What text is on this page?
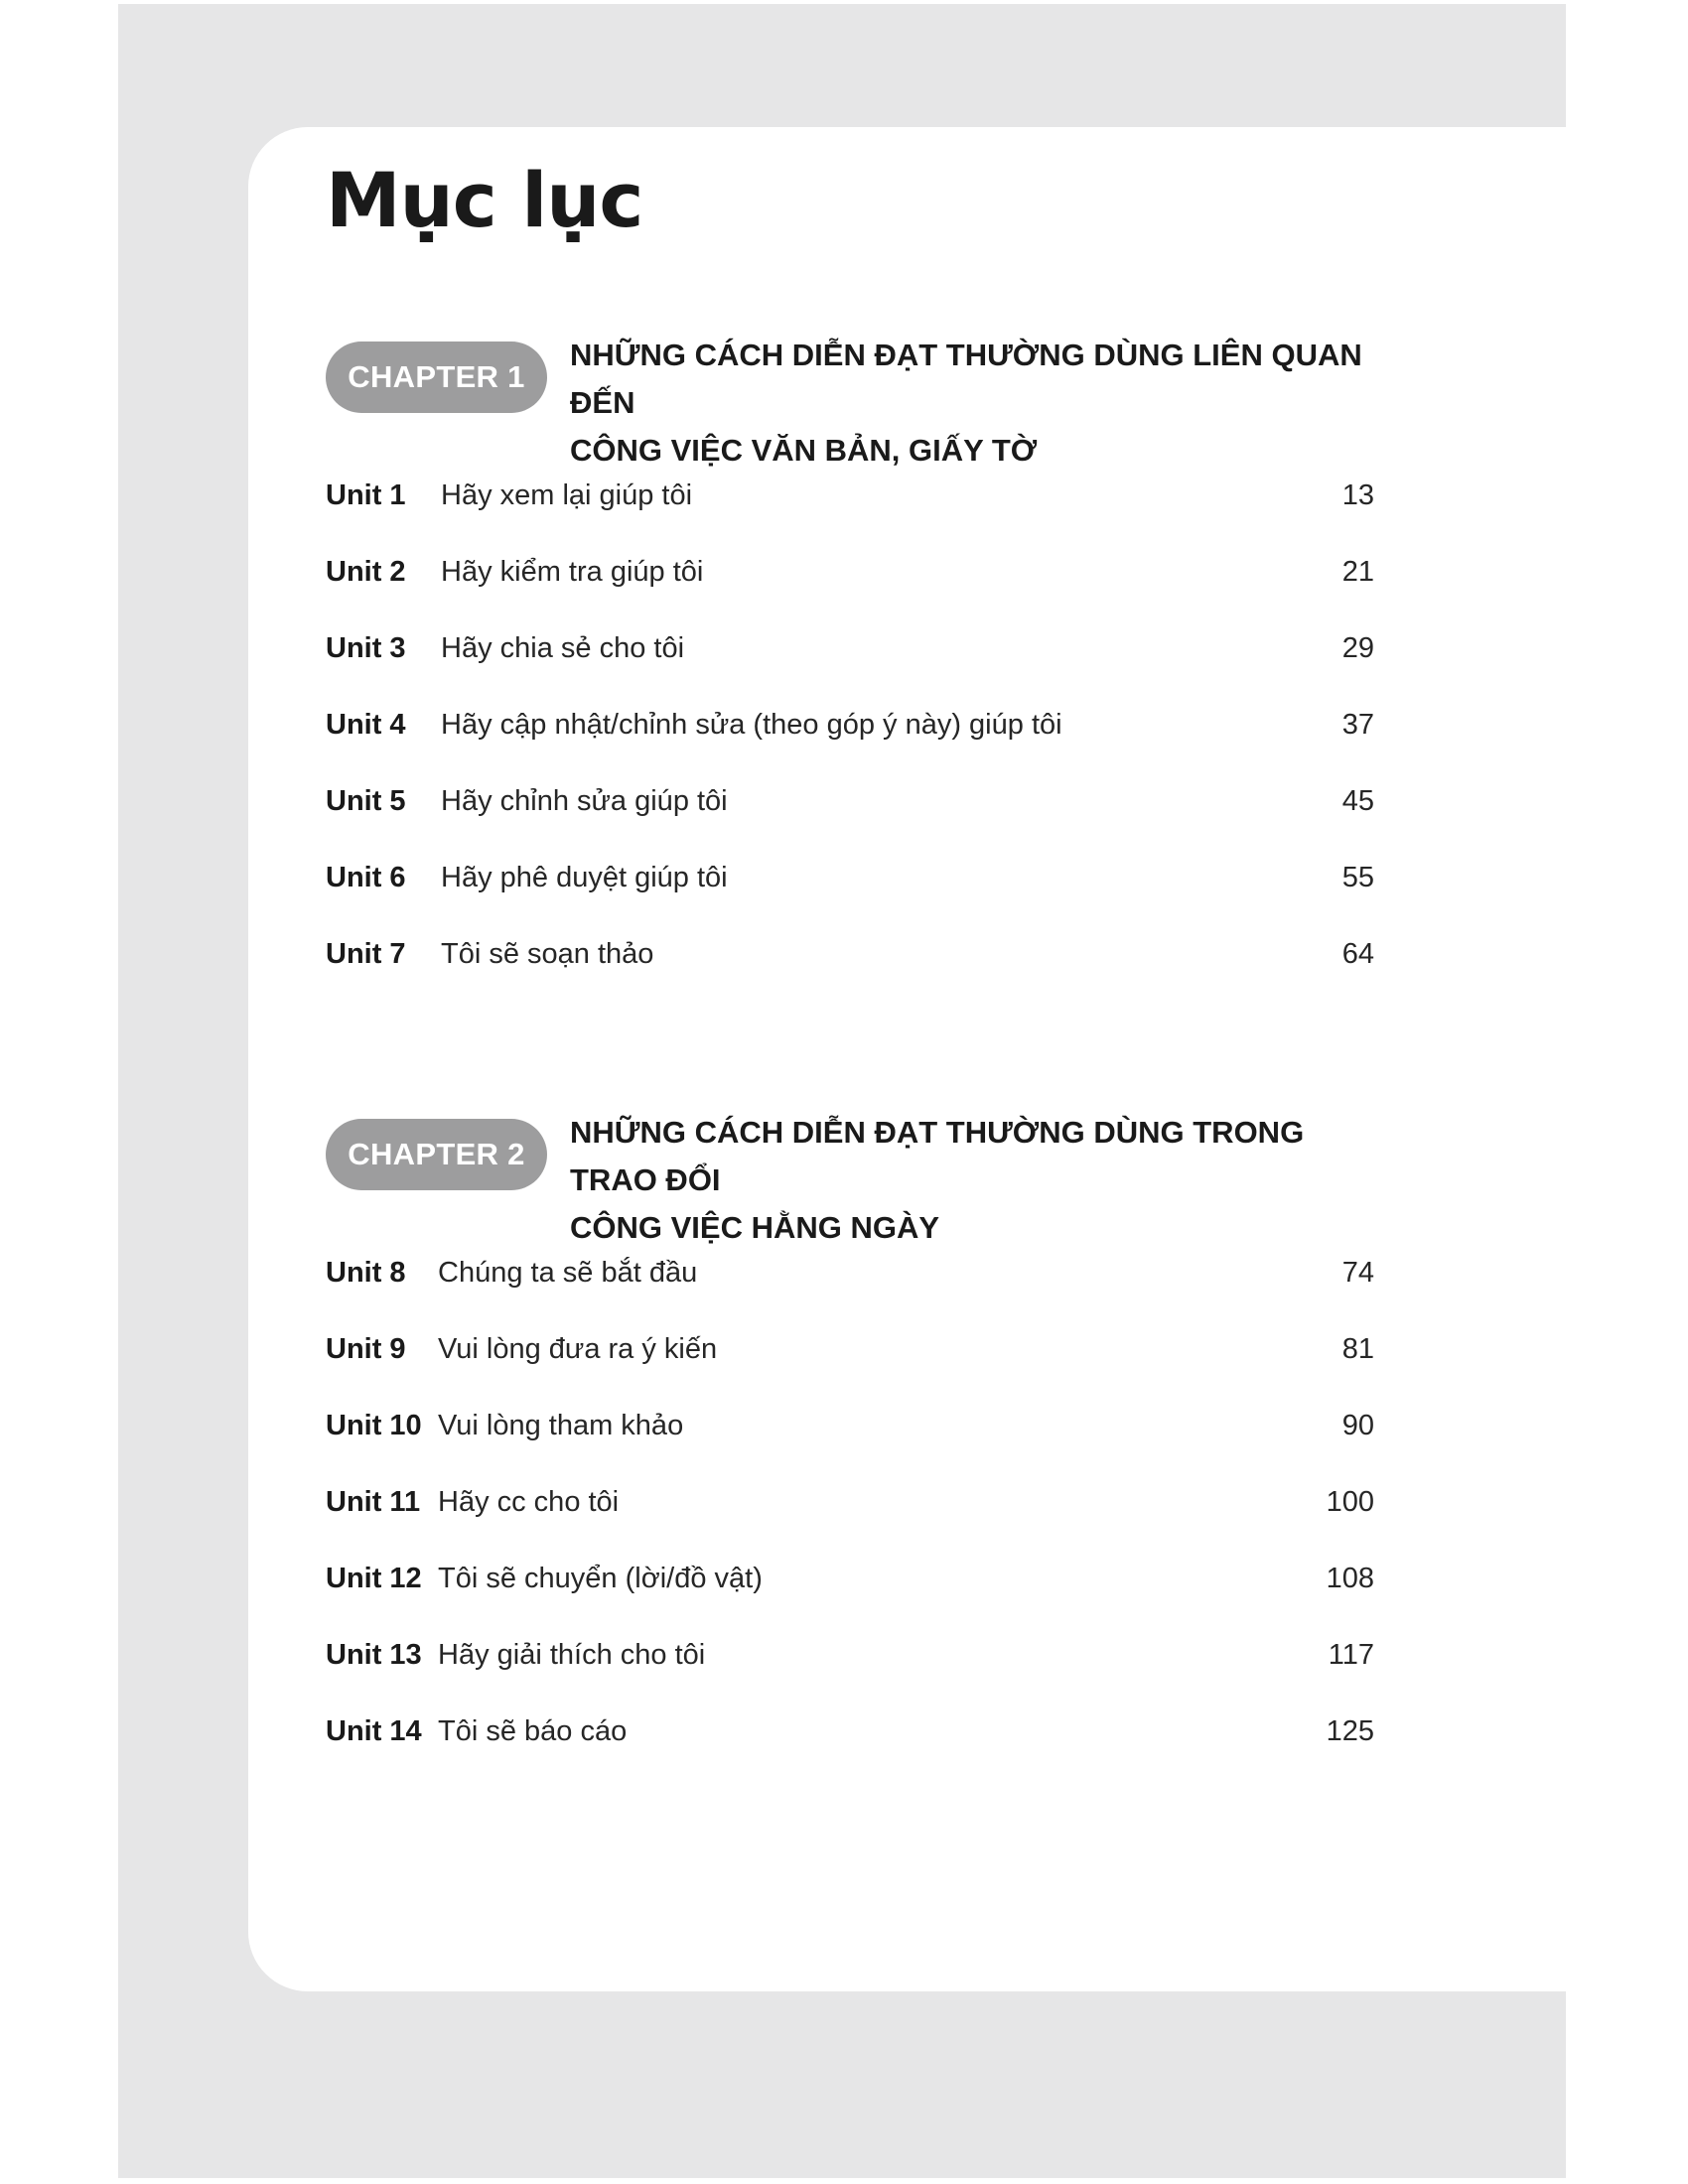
Mục lục
CHAPTER 1

NHỮNG CÁCH DIỄN ĐẠT THƯỜNG DÙNG LIÊN QUAN ĐẾN
CÔNG VIỆC VĂN BẢN, GIẤY TỜ

Unit 1 Hãy xem lại giúp tôi	13
Unit 2 Hãy kiểm tra giúp tôi	21
Unit 3 Hãy chia sẻ cho tôi	29
Unit 4 Hãy cập nhật/chỉnh sửa (theo góp ý này) giúp tôi	37
Unit 5 Hãy chỉnh sửa giúp tôi	45
Unit 6 Hãy phê duyệt giúp tôi	55
Unit 7 Tôi sẽ soạn thảo	64
CHAPTER 2

NHỮNG CÁCH DIỄN ĐẠT THƯỜNG DÙNG TRONG TRAO ĐỔI
CÔNG VIỆC HẰNG NGÀY

Unit 8 Chúng ta sẽ bắt đầu	74
Unit 9 Vui lòng đưa ra ý kiến	81
Unit 10 Vui lòng tham khảo	90
Unit 11 Hãy cc cho tôi	100
Unit 12 Tôi sẽ chuyển (lời/đồ vật)	108
Unit 13 Hãy giải thích cho tôi	117
Unit 14 Tôi sẽ báo cáo	125
